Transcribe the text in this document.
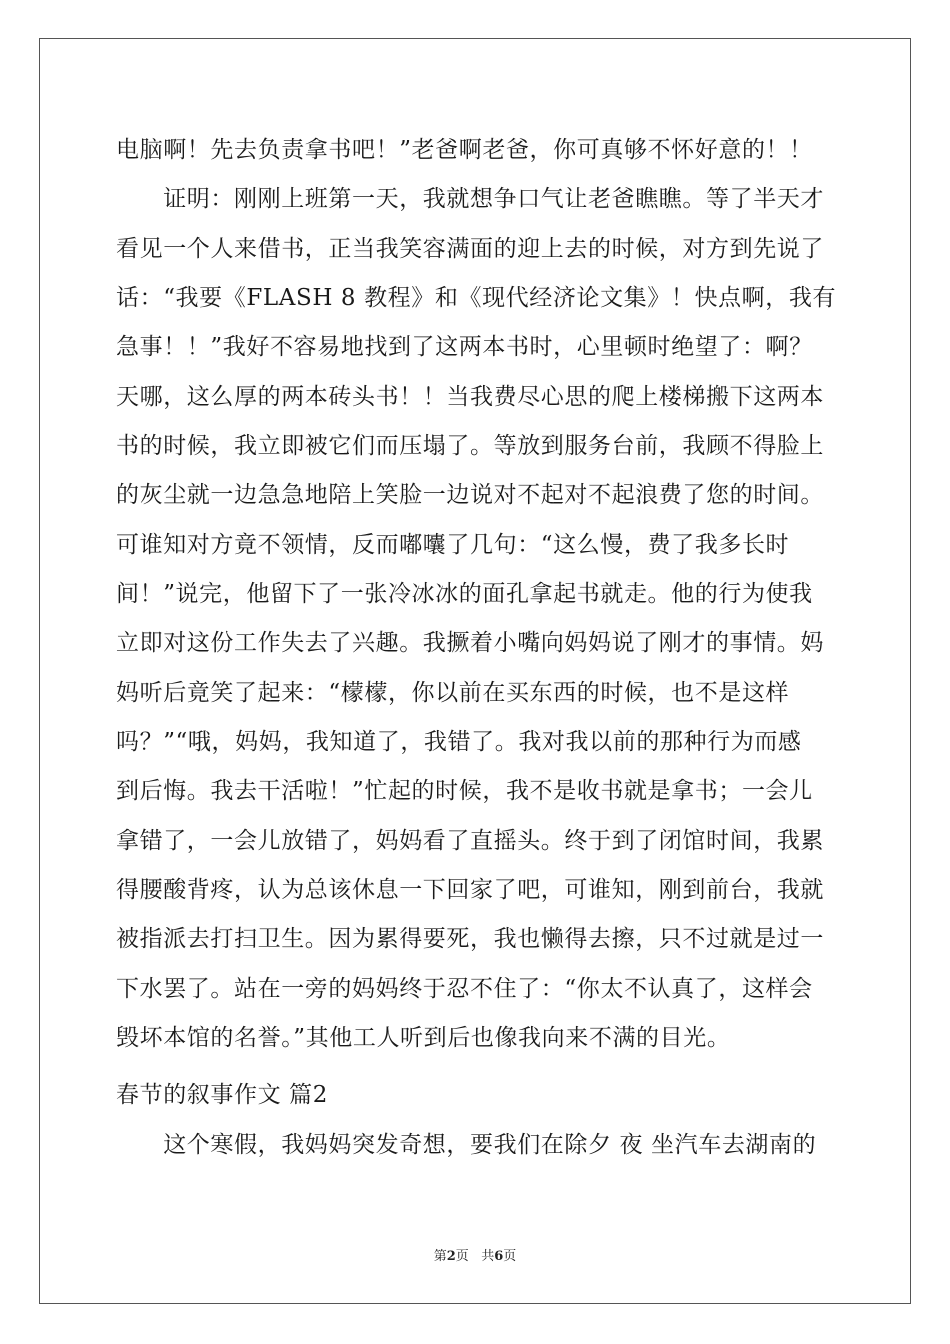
电脑啊！先去负责拿书吧！”老爸啊老爸，你可真够不怀好意的！！
　　证明：刚刚上班第一天，我就想争口气让老爸瞧瞧。等了半天才
看见一个人来借书，正当我笑容满面的迎上去的时候，对方到先说了
话：“我要《FLASH 8 教程》和《现代经济论文集》！快点啊，我有
急事！！”我好不容易地找到了这两本书时，心里顿时绝望了：啊？
天哪，这么厚的两本砖头书！！当我费尽心思的爬上楼梯搬下这两本
书的时候，我立即被它们而压塌了。等放到服务台前，我顾不得脸上
的灰尘就一边急急地陪上笑脸一边说对不起对不起浪费了您的时间。
可谁知对方竟不领情，反而嘟囔了几句：“这么慢，费了我多长时
间！”说完，他留下了一张冷冰冰的面孔拿起书就走。他的行为使我
立即对这份工作失去了兴趣。我撅着小嘴向妈妈说了刚才的事情。妈
妈听后竟笑了起来：“檬檬，你以前在买东西的时候，也不是这样
吗？”“哦，妈妈，我知道了，我错了。我对我以前的那种行为而感
到后悔。我去干活啦！”忙起的时候，我不是收书就是拿书；一会儿
拿错了，一会儿放错了，妈妈看了直摇头。终于到了闭馆时间，我累
得腰酸背疼，认为总该休息一下回家了吧，可谁知，刚到前台，我就
被指派去打扫卫生。因为累得要死，我也懒得去擦，只不过就是过一
下水罢了。站在一旁的妈妈终于忍不住了：“你太不认真了，这样会
毁坏本馆的名誉。”其他工人听到后也像我向来不满的目光。
春节的叙事作文 篇2
　　这个寒假，我妈妈突发奇想，要我们在除夕 夜 坐汽车去湖南的
第2页 共6页
